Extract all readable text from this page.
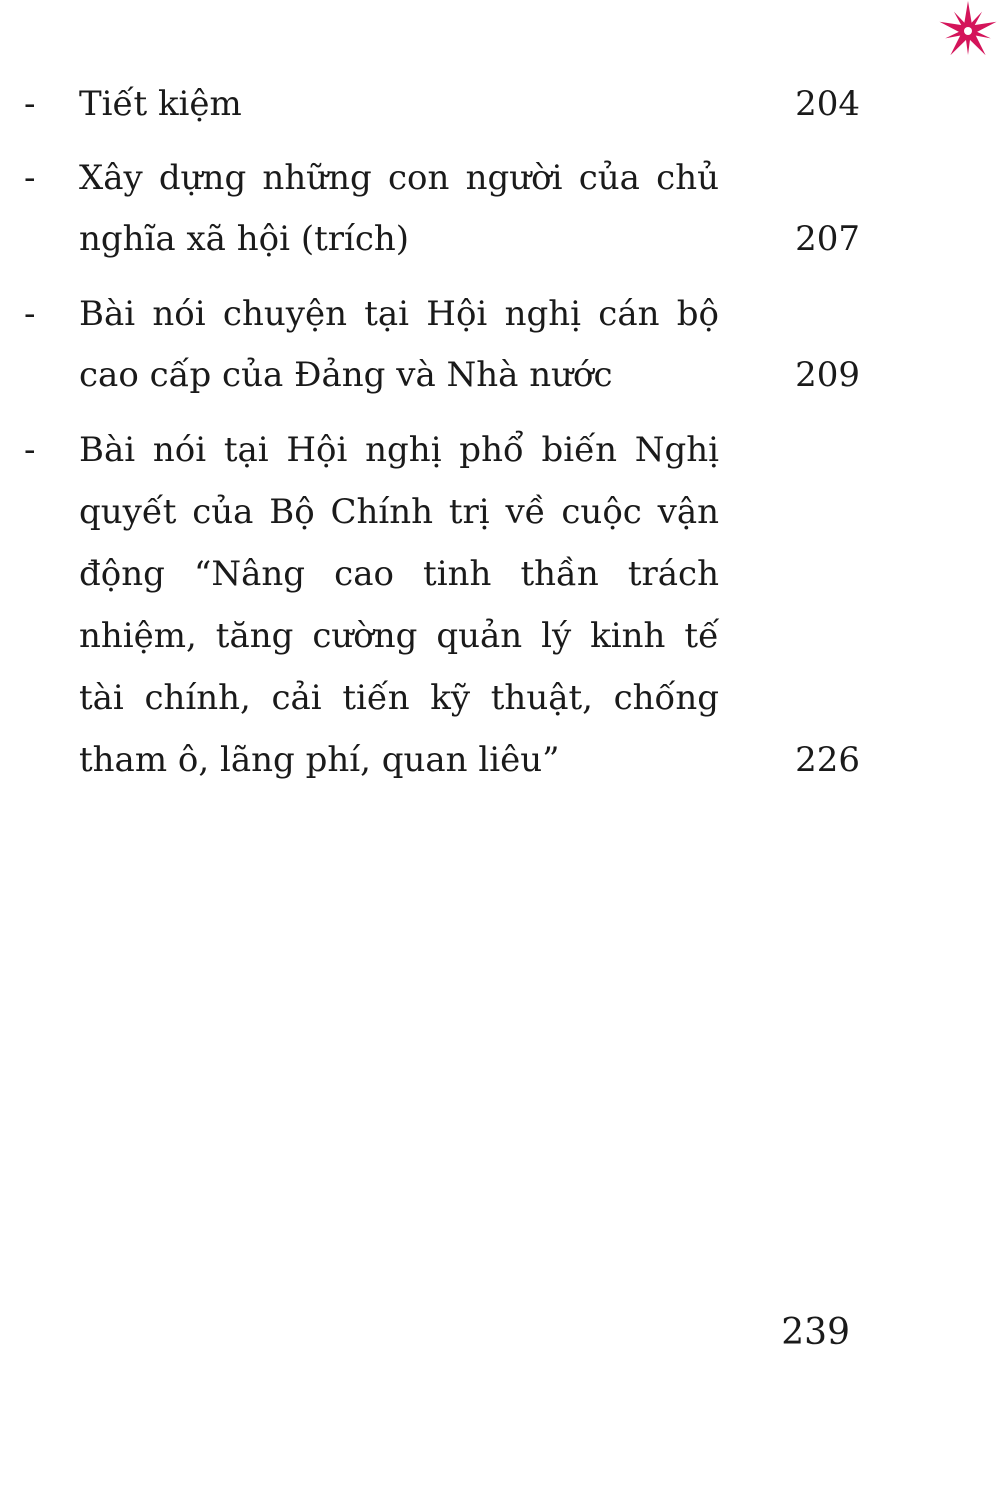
- Tiết kiệm	204
- Xây dựng những con người của chủ
nghĩa xã hội (trích)	207
- Bài nói chuyện tại Hội nghị cán bộ
cao cấp của Đảng và Nhà nước	209
- Bài nói tại Hội nghị phổ biến Nghị
quyết của Bộ Chính trị về cuộc vận
động “Nâng cao tinh thần trách
nhiệm, tăng cường quản lý kinh tế
tài chính, cải tiến kỹ thuật, chống
tham ô, lãng phí, quan liêu”	226
239
